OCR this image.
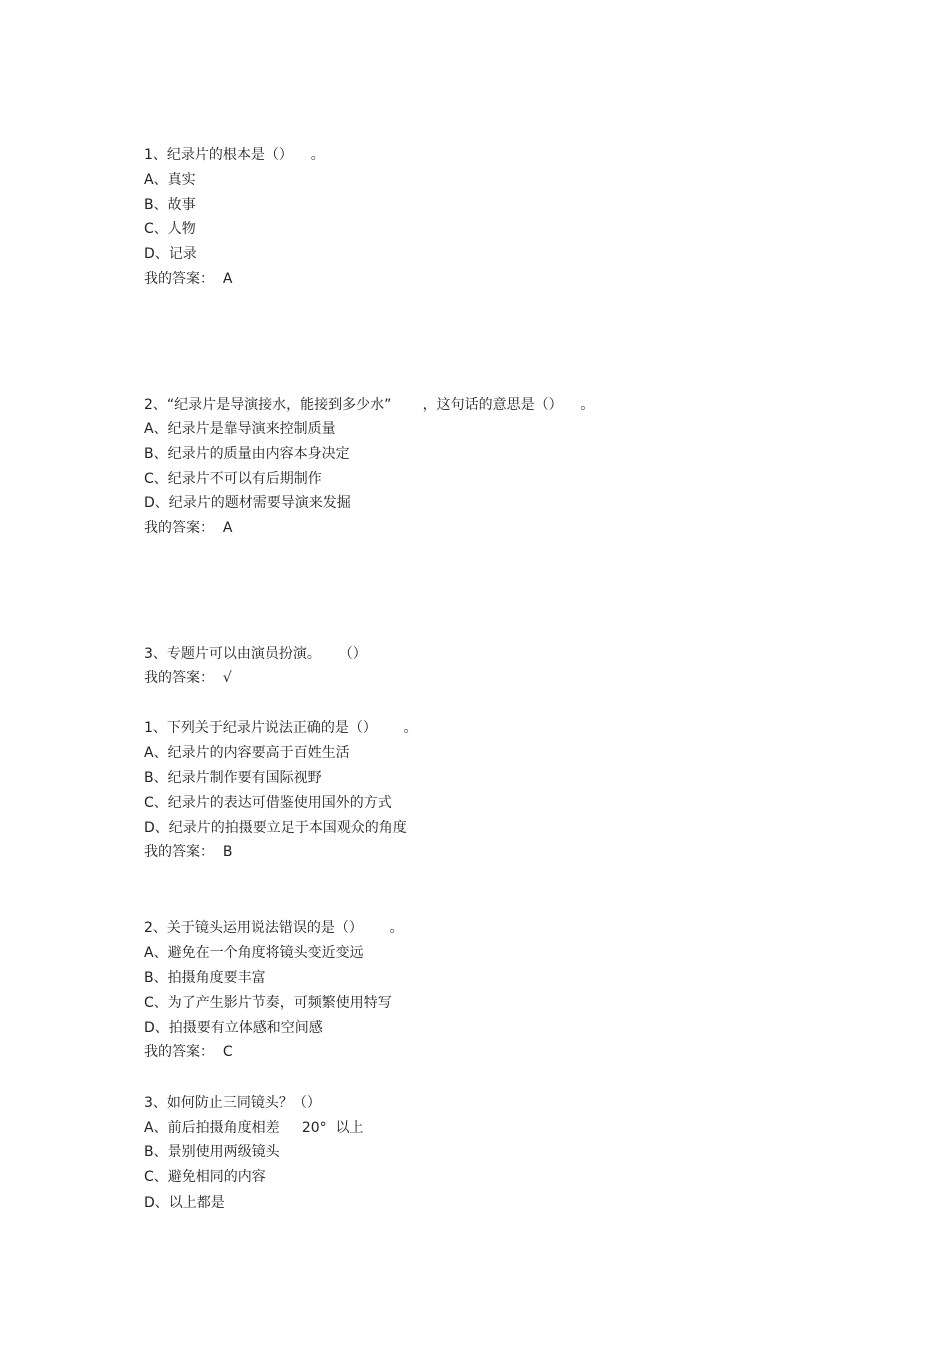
1、纪录片的根本是（）    。
A、真实
B、故事
C、人物
D、记录
我的答案：  A
2、“纪录片是导演接水，能接到多少水”       ，这句话的意思是（）    。
A、纪录片是靠导演来控制质量
B、纪录片的质量由内容本身决定
C、纪录片不可以有后期制作
D、纪录片的题材需要导演来发掘
我的答案：  A
3、专题片可以由演员扮演。    （）
我的答案：  √
1、下列关于纪录片说法正确的是（）      。
A、纪录片的内容要高于百姓生活
B、纪录片制作要有国际视野
C、纪录片的表达可借鉴使用国外的方式
D、纪录片的拍摄要立足于本国观众的角度
我的答案：  B
2、关于镜头运用说法错误的是（）      。
A、避免在一个角度将镜头变近变远
B、拍摄角度要丰富
C、为了产生影片节奏，可频繁使用特写
D、拍摄要有立体感和空间感
我的答案：  C
3、如何防止三同镜头？（）
A、前后拍摄角度相差     20°  以上
B、景别使用两级镜头
C、避免相同的内容
D、以上都是
